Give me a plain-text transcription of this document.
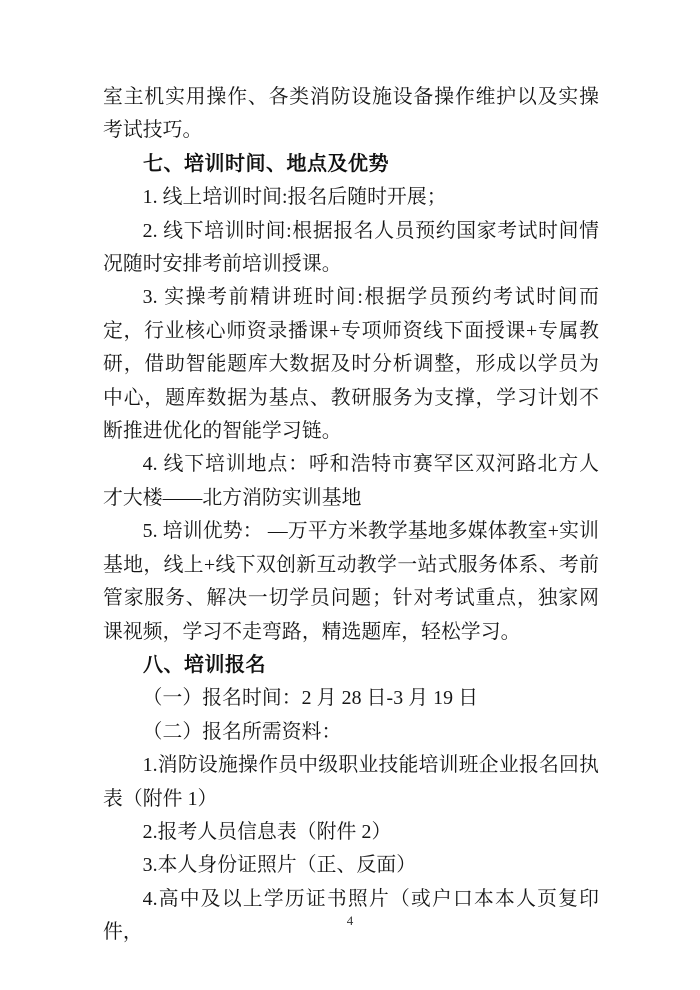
室主机实用操作、各类消防设施设备操作维护以及实操考试技巧。

七、培训时间、地点及优势

1. 线上培训时间:报名后随时开展；

2. 线下培训时间:根据报名人员预约国家考试时间情况随时安排考前培训授课。

3. 实操考前精讲班时间:根据学员预约考试时间而定，行业核心师资录播课+专项师资线下面授课+专属教研，借助智能题库大数据及时分析调整，形成以学员为中心，题库数据为基点、教研服务为支撑，学习计划不断推进优化的智能学习链。

4. 线下培训地点：呼和浩特市赛罕区双河路北方人才大楼——北方消防实训基地

5. 培训优势： —万平方米教学基地多媒体教室+实训基地，线上+线下双创新互动教学一站式服务体系、考前管家服务、解决一切学员问题；针对考试重点，独家网课视频，学习不走弯路，精选题库，轻松学习。

八、培训报名

（一）报名时间：2 月 28 日-3 月 19 日

（二）报名所需资料：

1.消防设施操作员中级职业技能培训班企业报名回执表（附件 1）

2.报考人员信息表（附件 2）

3.本人身份证照片（正、反面）

4.高中及以上学历证书照片（或户口本本人页复印件，

4
